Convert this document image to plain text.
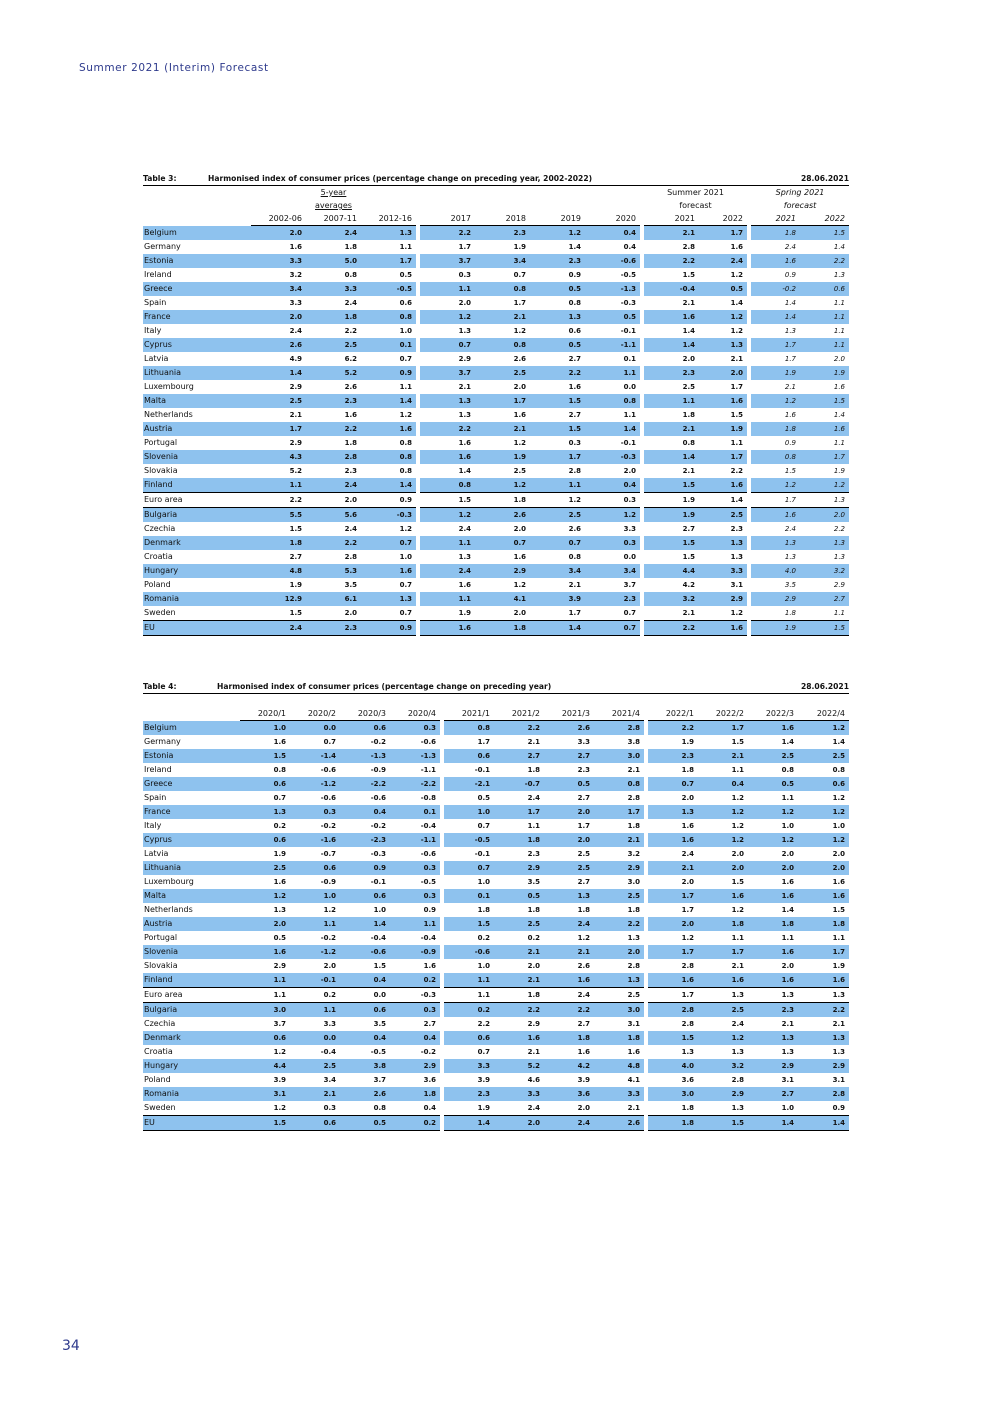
Summer 2021 (Interim) Forecast
Table 3:	Harmonised index of consumer prices (percentage change on preceding year, 2002-2022)	28.06.2021
		5-year								Summer 2021			Spring 2021	
		averages								forecast			forecast	
	2002-06	2007-11	2012-16		2017	2018	2019	2020		2021	2022		2021	2022
Belgium	2.0	2.4	1.3		2.2	2.3	1.2	0.4		2.1	1.7		1.8	1.5
Germany	1.6	1.8	1.1		1.7	1.9	1.4	0.4		2.8	1.6		2.4	1.4
Estonia	3.3	5.0	1.7		3.7	3.4	2.3	-0.6		2.2	2.4		1.6	2.2
Ireland	3.2	0.8	0.5		0.3	0.7	0.9	-0.5		1.5	1.2		0.9	1.3
Greece	3.4	3.3	-0.5		1.1	0.8	0.5	-1.3		-0.4	0.5		-0.2	0.6
Spain	3.3	2.4	0.6		2.0	1.7	0.8	-0.3		2.1	1.4		1.4	1.1
France	2.0	1.8	0.8		1.2	2.1	1.3	0.5		1.6	1.2		1.4	1.1
Italy	2.4	2.2	1.0		1.3	1.2	0.6	-0.1		1.4	1.2		1.3	1.1
Cyprus	2.6	2.5	0.1		0.7	0.8	0.5	-1.1		1.4	1.3		1.7	1.1
Latvia	4.9	6.2	0.7		2.9	2.6	2.7	0.1		2.0	2.1		1.7	2.0
Lithuania	1.4	5.2	0.9		3.7	2.5	2.2	1.1		2.3	2.0		1.9	1.9
Luxembourg	2.9	2.6	1.1		2.1	2.0	1.6	0.0		2.5	1.7		2.1	1.6
Malta	2.5	2.3	1.4		1.3	1.7	1.5	0.8		1.1	1.6		1.2	1.5
Netherlands	2.1	1.6	1.2		1.3	1.6	2.7	1.1		1.8	1.5		1.6	1.4
Austria	1.7	2.2	1.6		2.2	2.1	1.5	1.4		2.1	1.9		1.8	1.6
Portugal	2.9	1.8	0.8		1.6	1.2	0.3	-0.1		0.8	1.1		0.9	1.1
Slovenia	4.3	2.8	0.8		1.6	1.9	1.7	-0.3		1.4	1.7		0.8	1.7
Slovakia	5.2	2.3	0.8		1.4	2.5	2.8	2.0		2.1	2.2		1.5	1.9
Finland	1.1	2.4	1.4		0.8	1.2	1.1	0.4		1.5	1.6		1.2	1.2
Euro area	2.2	2.0	0.9		1.5	1.8	1.2	0.3		1.9	1.4		1.7	1.3
Bulgaria	5.5	5.6	-0.3		1.2	2.6	2.5	1.2		1.9	2.5		1.6	2.0
Czechia	1.5	2.4	1.2		2.4	2.0	2.6	3.3		2.7	2.3		2.4	2.2
Denmark	1.8	2.2	0.7		1.1	0.7	0.7	0.3		1.5	1.3		1.3	1.3
Croatia	2.7	2.8	1.0		1.3	1.6	0.8	0.0		1.5	1.3		1.3	1.3
Hungary	4.8	5.3	1.6		2.4	2.9	3.4	3.4		4.4	3.3		4.0	3.2
Poland	1.9	3.5	0.7		1.6	1.2	2.1	3.7		4.2	3.1		3.5	2.9
Romania	12.9	6.1	1.3		1.1	4.1	3.9	2.3		3.2	2.9		2.9	2.7
Sweden	1.5	2.0	0.7		1.9	2.0	1.7	0.7		2.1	1.2		1.8	1.1
EU	2.4	2.3	0.9		1.6	1.8	1.4	0.7		2.2	1.6		1.9	1.5
Table 4:	Harmonised index of consumer prices (percentage change on preceding year)	28.06.2021
	2020/1	2020/2	2020/3	2020/4		2021/1	2021/2	2021/3	2021/4		2022/1	2022/2	2022/3	2022/4
Belgium	1.0	0.0	0.6	0.3		0.8	2.2	2.6	2.8		2.2	1.7	1.6	1.2
Germany	1.6	0.7	-0.2	-0.6		1.7	2.1	3.3	3.8		1.9	1.5	1.4	1.4
Estonia	1.5	-1.4	-1.3	-1.3		0.6	2.7	2.7	3.0		2.3	2.1	2.5	2.5
Ireland	0.8	-0.6	-0.9	-1.1		-0.1	1.8	2.3	2.1		1.8	1.1	0.8	0.8
Greece	0.6	-1.2	-2.2	-2.2		-2.1	-0.7	0.5	0.8		0.7	0.4	0.5	0.6
Spain	0.7	-0.6	-0.6	-0.8		0.5	2.4	2.7	2.8		2.0	1.2	1.1	1.2
France	1.3	0.3	0.4	0.1		1.0	1.7	2.0	1.7		1.3	1.2	1.2	1.2
Italy	0.2	-0.2	-0.2	-0.4		0.7	1.1	1.7	1.8		1.6	1.2	1.0	1.0
Cyprus	0.6	-1.6	-2.3	-1.1		-0.5	1.8	2.0	2.1		1.6	1.2	1.2	1.2
Latvia	1.9	-0.7	-0.3	-0.6		-0.1	2.3	2.5	3.2		2.4	2.0	2.0	2.0
Lithuania	2.5	0.6	0.9	0.3		0.7	2.9	2.5	2.9		2.1	2.0	2.0	2.0
Luxembourg	1.6	-0.9	-0.1	-0.5		1.0	3.5	2.7	3.0		2.0	1.5	1.6	1.6
Malta	1.2	1.0	0.6	0.3		0.1	0.5	1.3	2.5		1.7	1.6	1.6	1.6
Netherlands	1.3	1.2	1.0	0.9		1.8	1.8	1.8	1.8		1.7	1.2	1.4	1.5
Austria	2.0	1.1	1.4	1.1		1.5	2.5	2.4	2.2		2.0	1.8	1.8	1.8
Portugal	0.5	-0.2	-0.4	-0.4		0.2	0.2	1.2	1.3		1.2	1.1	1.1	1.1
Slovenia	1.6	-1.2	-0.6	-0.9		-0.6	2.1	2.1	2.0		1.7	1.7	1.6	1.7
Slovakia	2.9	2.0	1.5	1.6		1.0	2.0	2.6	2.8		2.8	2.1	2.0	1.9
Finland	1.1	-0.1	0.4	0.2		1.1	2.1	1.6	1.3		1.6	1.6	1.6	1.6
Euro area	1.1	0.2	0.0	-0.3		1.1	1.8	2.4	2.5		1.7	1.3	1.3	1.3
Bulgaria	3.0	1.1	0.6	0.3		0.2	2.2	2.2	3.0		2.8	2.5	2.3	2.2
Czechia	3.7	3.3	3.5	2.7		2.2	2.9	2.7	3.1		2.8	2.4	2.1	2.1
Denmark	0.6	0.0	0.4	0.4		0.6	1.6	1.8	1.8		1.5	1.2	1.3	1.3
Croatia	1.2	-0.4	-0.5	-0.2		0.7	2.1	1.6	1.6		1.3	1.3	1.3	1.3
Hungary	4.4	2.5	3.8	2.9		3.3	5.2	4.2	4.8		4.0	3.2	2.9	2.9
Poland	3.9	3.4	3.7	3.6		3.9	4.6	3.9	4.1		3.6	2.8	3.1	3.1
Romania	3.1	2.1	2.6	1.8		2.3	3.3	3.6	3.3		3.0	2.9	2.7	2.8
Sweden	1.2	0.3	0.8	0.4		1.9	2.4	2.0	2.1		1.8	1.3	1.0	0.9
EU	1.5	0.6	0.5	0.2		1.4	2.0	2.4	2.6		1.8	1.5	1.4	1.4
34
